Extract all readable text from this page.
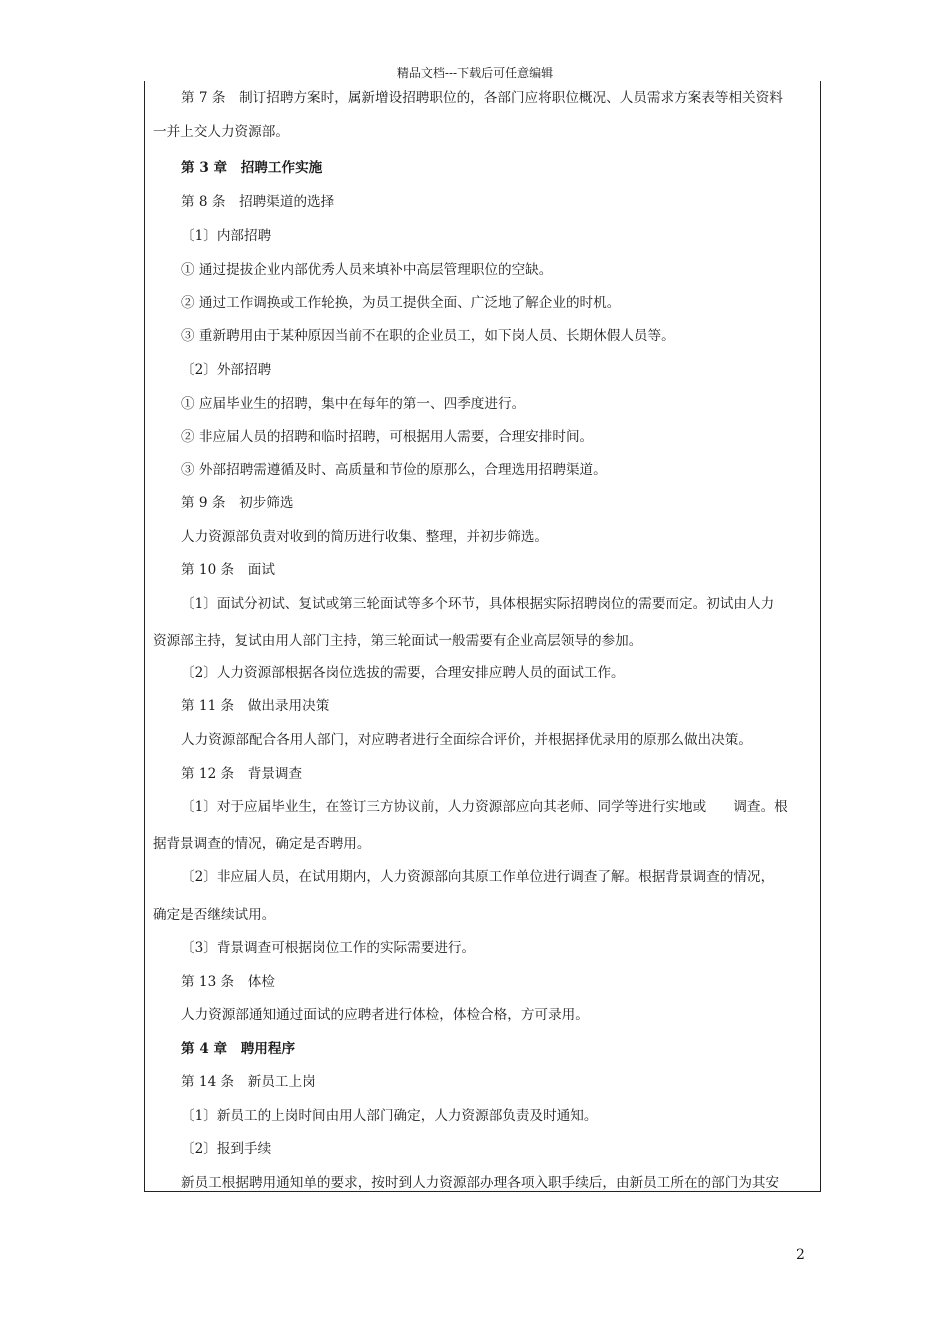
精品文档---下载后可任意编辑
第 7 条　制订招聘方案时，属新增设招聘职位的，各部门应将职位概况、人员需求方案表等相关资料
一并上交人力资源部。
第 3 章　招聘工作实施
第 8 条　招聘渠道的选择
〔1〕内部招聘
① 通过提拔企业内部优秀人员来填补中高层管理职位的空缺。
② 通过工作调换或工作轮换，为员工提供全面、广泛地了解企业的时机。
③ 重新聘用由于某种原因当前不在职的企业员工，如下岗人员、长期休假人员等。
〔2〕外部招聘
① 应届毕业生的招聘，集中在每年的第一、四季度进行。
② 非应届人员的招聘和临时招聘，可根据用人需要，合理安排时间。
③ 外部招聘需遵循及时、高质量和节俭的原那么，合理选用招聘渠道。
第 9 条　初步筛选
人力资源部负责对收到的简历进行收集、整理，并初步筛选。
第 10 条　面试
〔1〕面试分初试、复试或第三轮面试等多个环节，具体根据实际招聘岗位的需要而定。初试由人力
资源部主持，复试由用人部门主持，第三轮面试一般需要有企业高层领导的参加。
〔2〕人力资源部根据各岗位选拔的需要，合理安排应聘人员的面试工作。
第 11 条　做出录用决策
人力资源部配合各用人部门，对应聘者进行全面综合评价，并根据择优录用的原那么做出决策。
第 12 条　背景调查
〔1〕对于应届毕业生，在签订三方协议前，人力资源部应向其老师、同学等进行实地或　　调查。根
据背景调查的情况，确定是否聘用。
〔2〕非应届人员，在试用期内，人力资源部向其原工作单位进行调查了解。根据背景调查的情况，
确定是否继续试用。
〔3〕背景调查可根据岗位工作的实际需要进行。
第 13 条　体检
人力资源部通知通过面试的应聘者进行体检，体检合格，方可录用。
第 4 章　聘用程序
第 14 条　新员工上岗
〔1〕新员工的上岗时间由用人部门确定，人力资源部负责及时通知。
〔2〕报到手续
新员工根据聘用通知单的要求，按时到人力资源部办理各项入职手续后，由新员工所在的部门为其安
2
